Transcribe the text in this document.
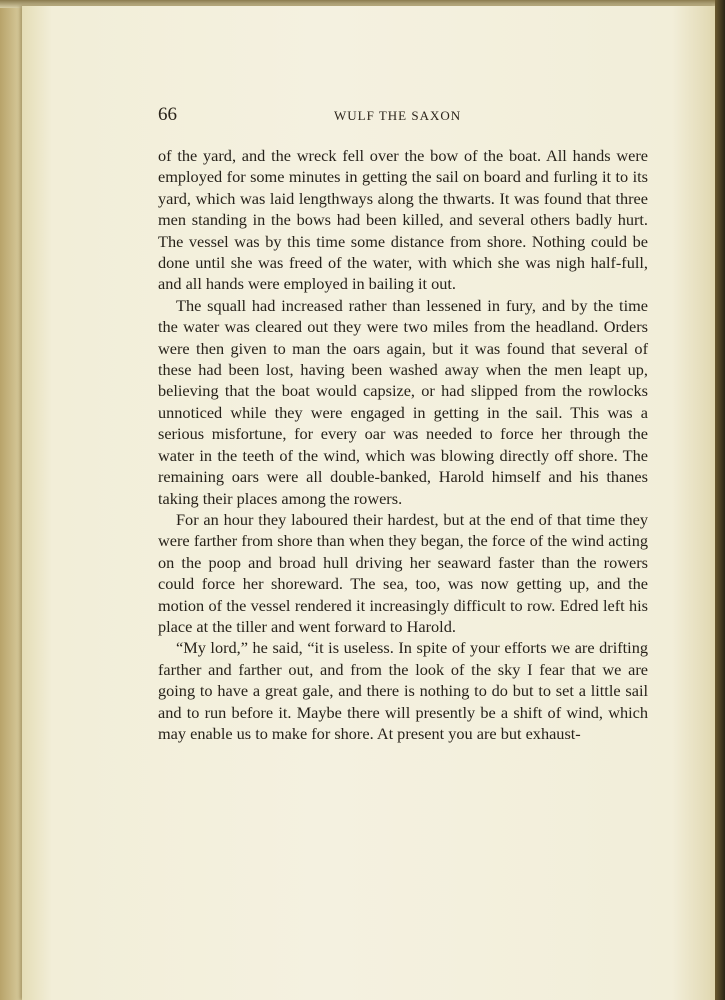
66	WULF THE SAXON

of the yard, and the wreck fell over the bow of the boat. All hands were employed for some minutes in getting the sail on board and furling it to its yard, which was laid lengthways along the thwarts. It was found that three men standing in the bows had been killed, and several others badly hurt. The vessel was by this time some distance from shore. Nothing could be done until she was freed of the water, with which she was nigh half-full, and all hands were employed in bailing it out.

The squall had increased rather than lessened in fury, and by the time the water was cleared out they were two miles from the headland. Orders were then given to man the oars again, but it was found that several of these had been lost, having been washed away when the men leapt up, believing that the boat would capsize, or had slipped from the rowlocks unnoticed while they were engaged in getting in the sail. This was a serious misfortune, for every oar was needed to force her through the water in the teeth of the wind, which was blowing directly off shore. The remaining oars were all double-banked, Harold himself and his thanes taking their places among the rowers.

For an hour they laboured their hardest, but at the end of that time they were farther from shore than when they began, the force of the wind acting on the poop and broad hull driving her seaward faster than the rowers could force her shoreward. The sea, too, was now getting up, and the motion of the vessel rendered it increasingly difficult to row. Edred left his place at the tiller and went forward to Harold.

“My lord,” he said, “it is useless. In spite of your efforts we are drifting farther and farther out, and from the look of the sky I fear that we are going to have a great gale, and there is nothing to do but to set a little sail and to run before it. Maybe there will presently be a shift of wind, which may enable us to make for shore. At present you are but exhaust-
